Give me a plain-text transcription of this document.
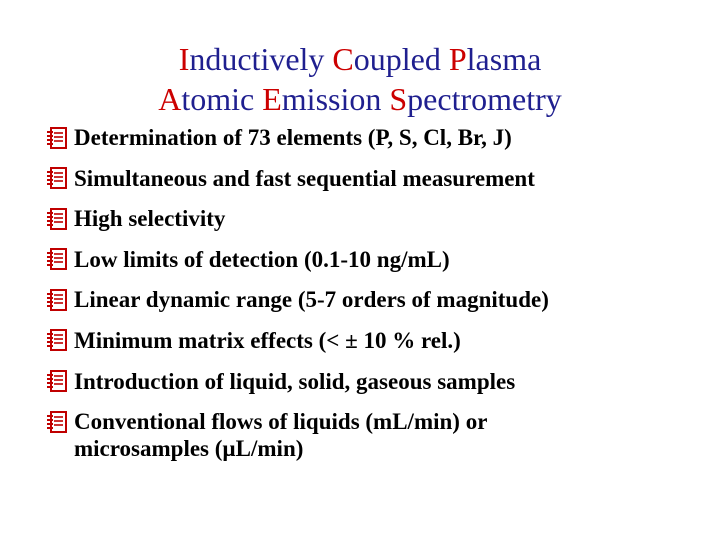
Inductively Coupled Plasma
Atomic Emission Spectrometry
Determination of 73 elements (P, S, Cl, Br, J)
Simultaneous and fast sequential measurement
High selectivity
Low limits of detection (0.1-10 ng/mL)
Linear dynamic range (5-7 orders of magnitude)
Minimum matrix effects (< ± 10 % rel.)
Introduction of liquid, solid, gaseous samples
Conventional flows of liquids (mL/min) or
microsamples (µL/min)
